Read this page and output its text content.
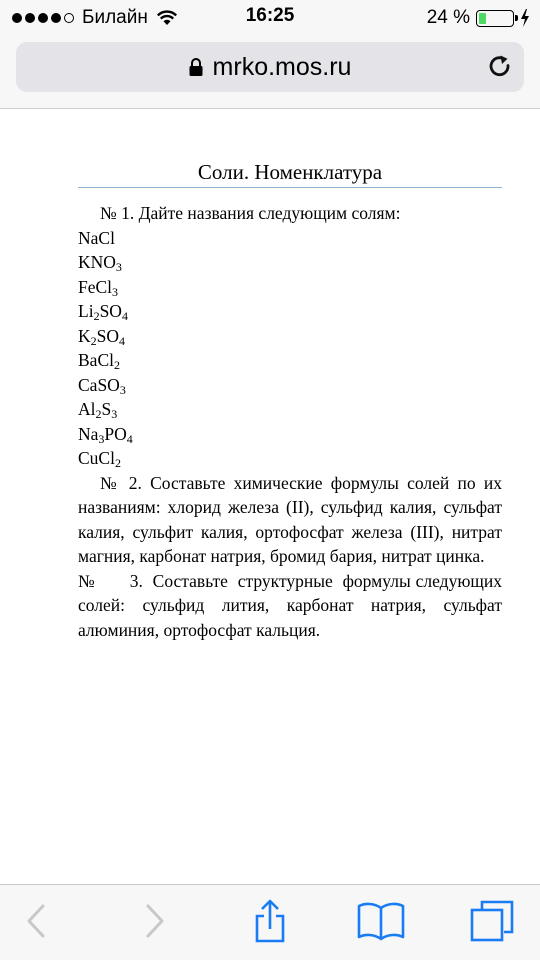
Билайн	16:25	24 %
mrko.mos.ru
Соли. Номенклатура
№ 1. Дайте названия следующим солям:
NaCl
$KNO_3$
FeCl$_3$
$Li_2SO_4$
$K_2SO_4$
BaCl$_2$
CaSO$_3$
$Al_2S_3$
$Na_3PO_4$
CuCl$_2$
№ 2. Составьте химические формулы солей по их названиям: хлорид железа (II), сульфид калия, сульфат калия, сульфит калия, ортофосфат железа (III), нитрат магния, карбонат натрия, бромид бария, нитрат цинка.
№       3.  Составьте  структурные  формулы следующих солей: сульфид лития, карбонат натрия, сульфат алюминия, ортофосфат кальция.
